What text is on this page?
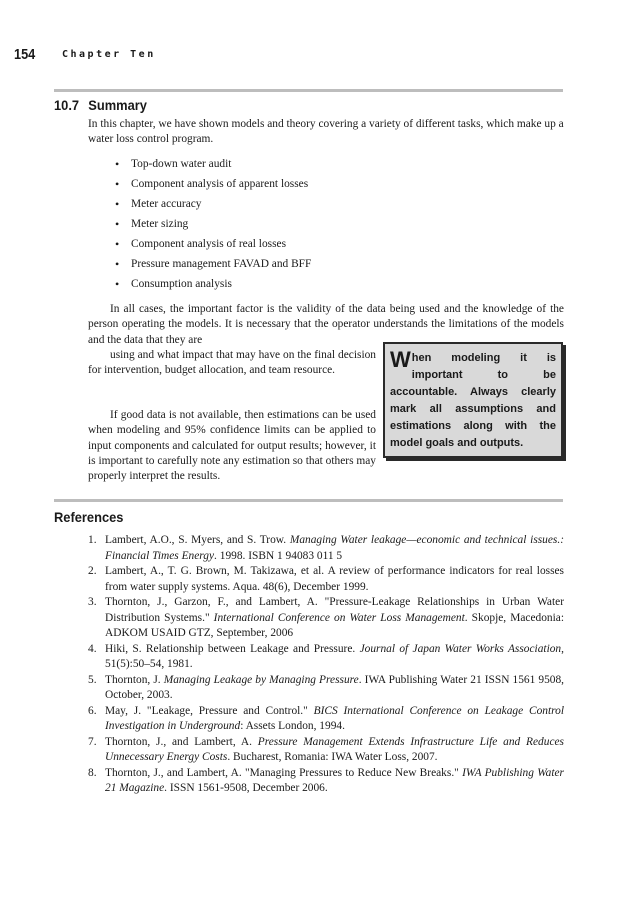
154	Chapter Ten
10.7 Summary
In this chapter, we have shown models and theory covering a variety of different tasks, which make up a water loss control program.
• Top-down water audit
• Component analysis of apparent losses
• Meter accuracy
• Meter sizing
• Component analysis of real losses
• Pressure management FAVAD and BFF
• Consumption analysis
In all cases, the important factor is the validity of the data being used and the knowledge of the person operating the models. It is necessary that the operator understands the limitations of the models and the data that they are
using and what impact that may have on the final decision for intervention, budget allocation, and team resource.
If good data is not available, then estimations can be used when modeling and 95% confidence limits can be applied to input components and calculated for output results; however, it is important to carefully note any estimation so that others may properly interpret the results.
When modeling it is important to be accountable. Always clearly mark all assumptions and estimations along with the model goals and outputs.
References
1. Lambert, A.O., S. Myers, and S. Trow. Managing Water leakage—economic and technical issues.: Financial Times Energy. 1998. ISBN 1 94083 011 5
2. Lambert, A., T. G. Brown, M. Takizawa, et al. A review of performance indicators for real losses from water supply systems. Aqua. 48(6), December 1999.
3. Thornton, J., Garzon, F., and Lambert, A. "Pressure-Leakage Relationships in Urban Water Distribution Systems." International Conference on Water Loss Management. Skopje, Macedonia: ADKOM USAID GTZ, September, 2006
4. Hiki, S. Relationship between Leakage and Pressure. Journal of Japan Water Works Association, 51(5):50–54, 1981.
5. Thornton, J. Managing Leakage by Managing Pressure. IWA Publishing Water 21 ISSN 1561 9508, October, 2003.
6. May, J. "Leakage, Pressure and Control." BICS International Conference on Leakage Control Investigation in Underground: Assets London, 1994.
7. Thornton, J., and Lambert, A. Pressure Management Extends Infrastructure Life and Reduces Unnecessary Energy Costs. Bucharest, Romania: IWA Water Loss, 2007.
8. Thornton, J., and Lambert, A. "Managing Pressures to Reduce New Breaks." IWA Publishing Water 21 Magazine. ISSN 1561-9508, December 2006.
